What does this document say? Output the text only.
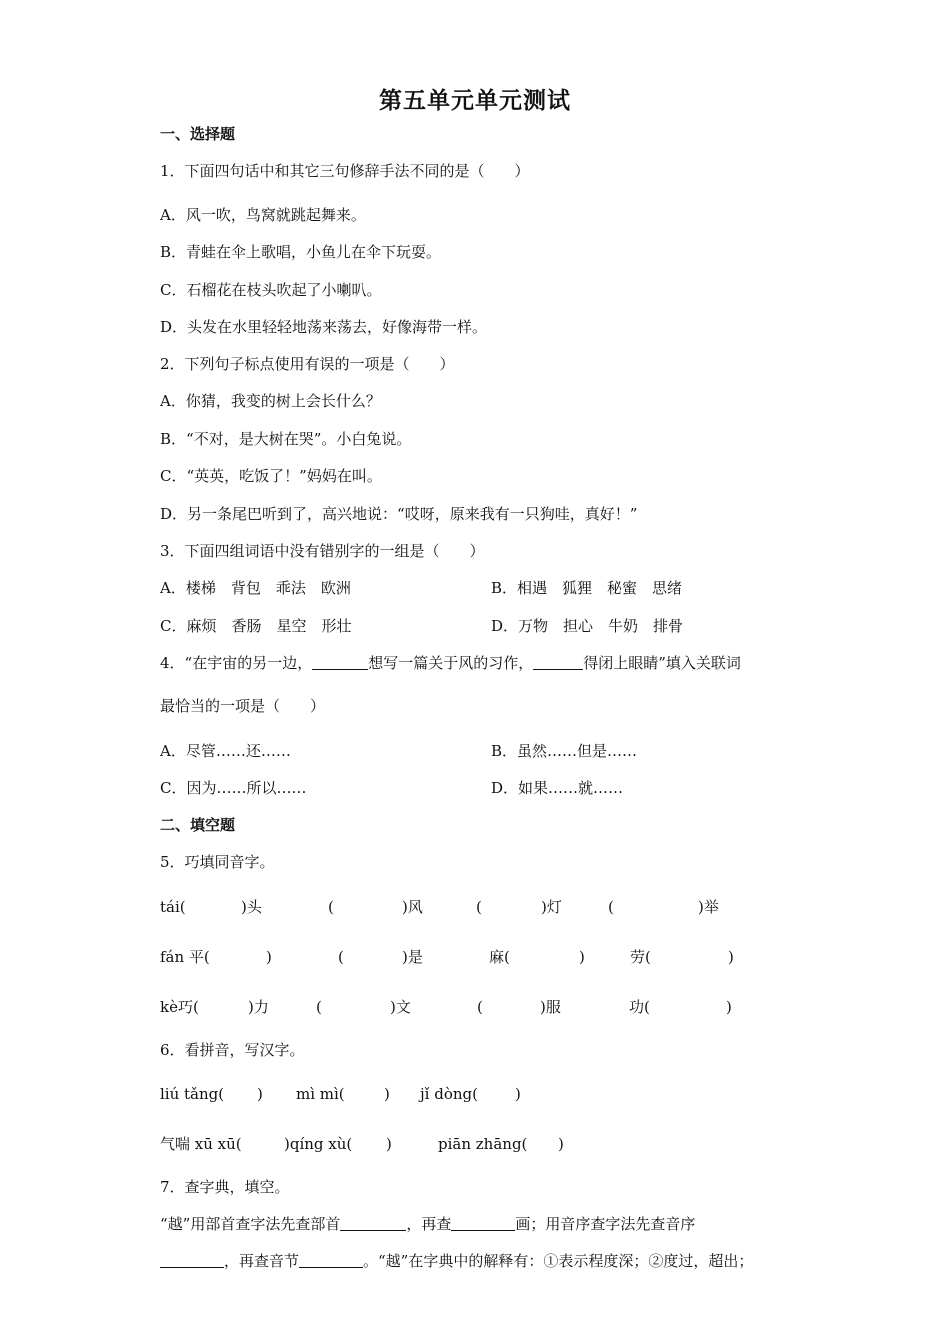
第五单元单元测试
一、选择题
1．下面四句话中和其它三句修辞手法不同的是（　　）
A．风一吹，鸟窝就跳起舞来。
B．青蛙在伞上歌唱，小鱼儿在伞下玩耍。
C．石榴花在枝头吹起了小喇叭。
D．头发在水里轻轻地荡来荡去，好像海带一样。
2．下列句子标点使用有误的一项是（　　）
A．你猜，我变的树上会长什么？
B．“不对，是大树在哭”。小白兔说。
C．“英英，吃饭了！”妈妈在叫。
D．另一条尾巴听到了，高兴地说：“哎呀，原来我有一只狗哇，真好！”
3．下面四组词语中没有错别字的一组是（　　）
A．楼梯　背包　乖法　欧洲	B．相遇　狐狸　秘蜜　思绪
C．麻烦　香肠　星空　形壮	D．万物　担心　牛奶　排骨
4．“在宇宙的另一边，	想写一篇关于风的习作，	得闭上眼睛”填入关联词
最恰当的一项是（　　）
A．尽管……还……	B．虽然……但是……
C．因为……所以……	D．如果……就……
二、填空题
5．巧填同音字。
tái(	)头	(	)风	(	)灯	(	)举
fán 平(	)	(	)是	麻(	)	劳(	)
kè巧(	)力	(	)文	(	)服	功(	)
6．看拼音，写汉字。
liú tǎng( ) mì mì(	) jǐ dòng( )
气喘 xū xū(	)qíng xù( )	piān zhāng( )
7．查字典，填空。
“越”用部首查字法先查部首	，再查	画；用音序查字法先查音序
，再查音节	。“越”在字典中的解释有：①表示程度深；②度过，超出；
